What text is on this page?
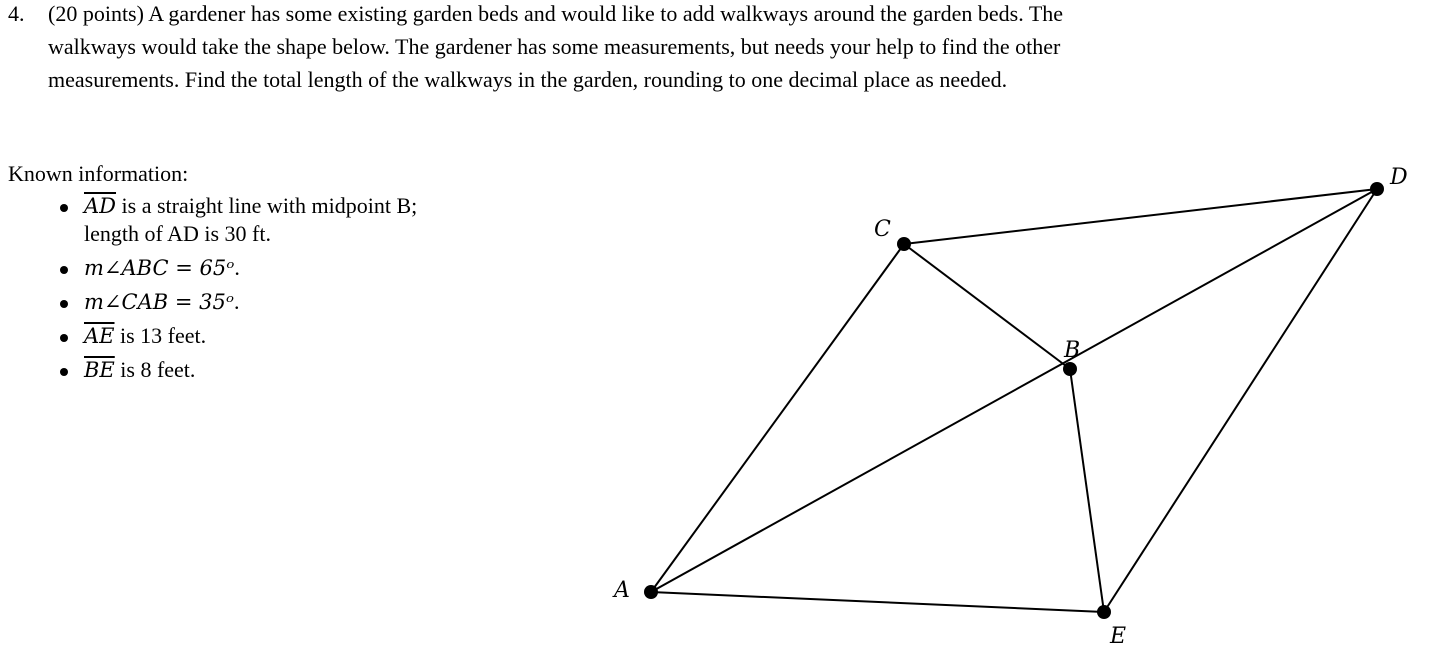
4. (20 points) A gardener has some existing garden beds and would like to add walkways around the garden beds. The
walkways would take the shape below. The gardener has some measurements, but needs your help to find the other
measurements. Find the total length of the walkways in the garden, rounding to one decimal place as needed.
Known information:
$\overline{AD}$ is a straight line with midpoint B;
length of AD is 30 ft.
m∠ABC = 65ᵒ.
m∠CAB = 35ᵒ.
$\overline{AE}$ is 13 feet.
$\overline{BE}$ is 8 feet.
A
B
C
D
E
